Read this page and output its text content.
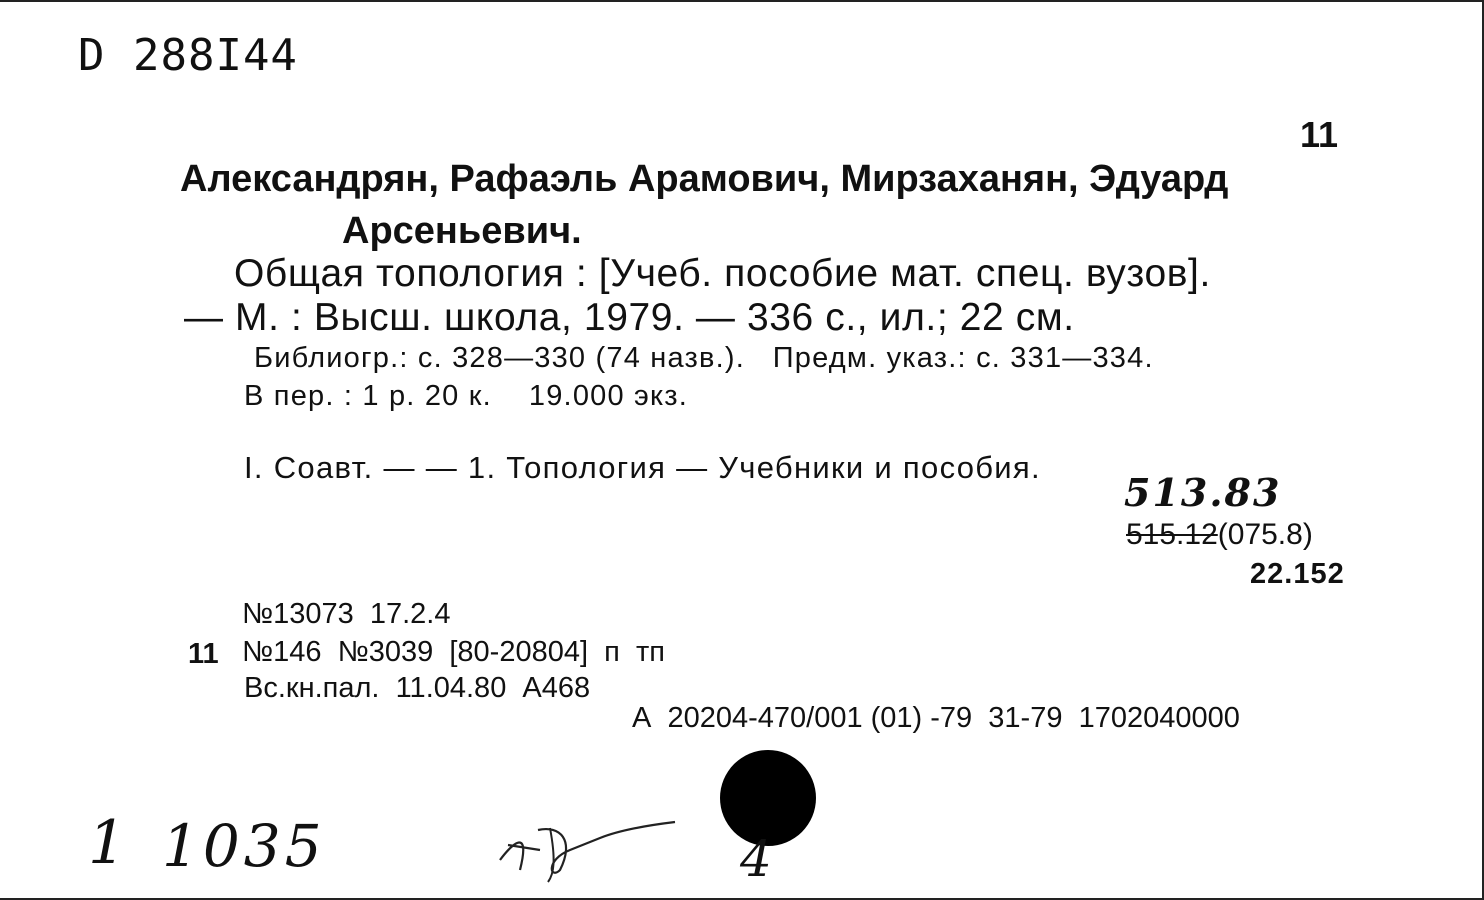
D 288I44
11
Александрян, Рафаэль Арамович, Мирзаханян, Эдуард
Арсеньевич.
Общая топология : [Учеб. пособие мат. спец. вузов].
— М. : Высш. школа, 1979. — 336 с., ил.; 22 см.
Библиогр.: с. 328—330 (74 назв.).   Предм. указ.: с. 331—334.
В пер. : 1 р. 20 к.    19.000 экз.
I. Соавт. — — 1. Топология — Учебники и пособия.
513.83
515.12(075.8)
22.152
№13073  17.2.4
11 №146  №3039  [80-20804]  п  тп
Вс.кн.пал.  11.04.80  А468
А  20204-470/001 (01) -79  31-79  1702040000
1 1035	4
